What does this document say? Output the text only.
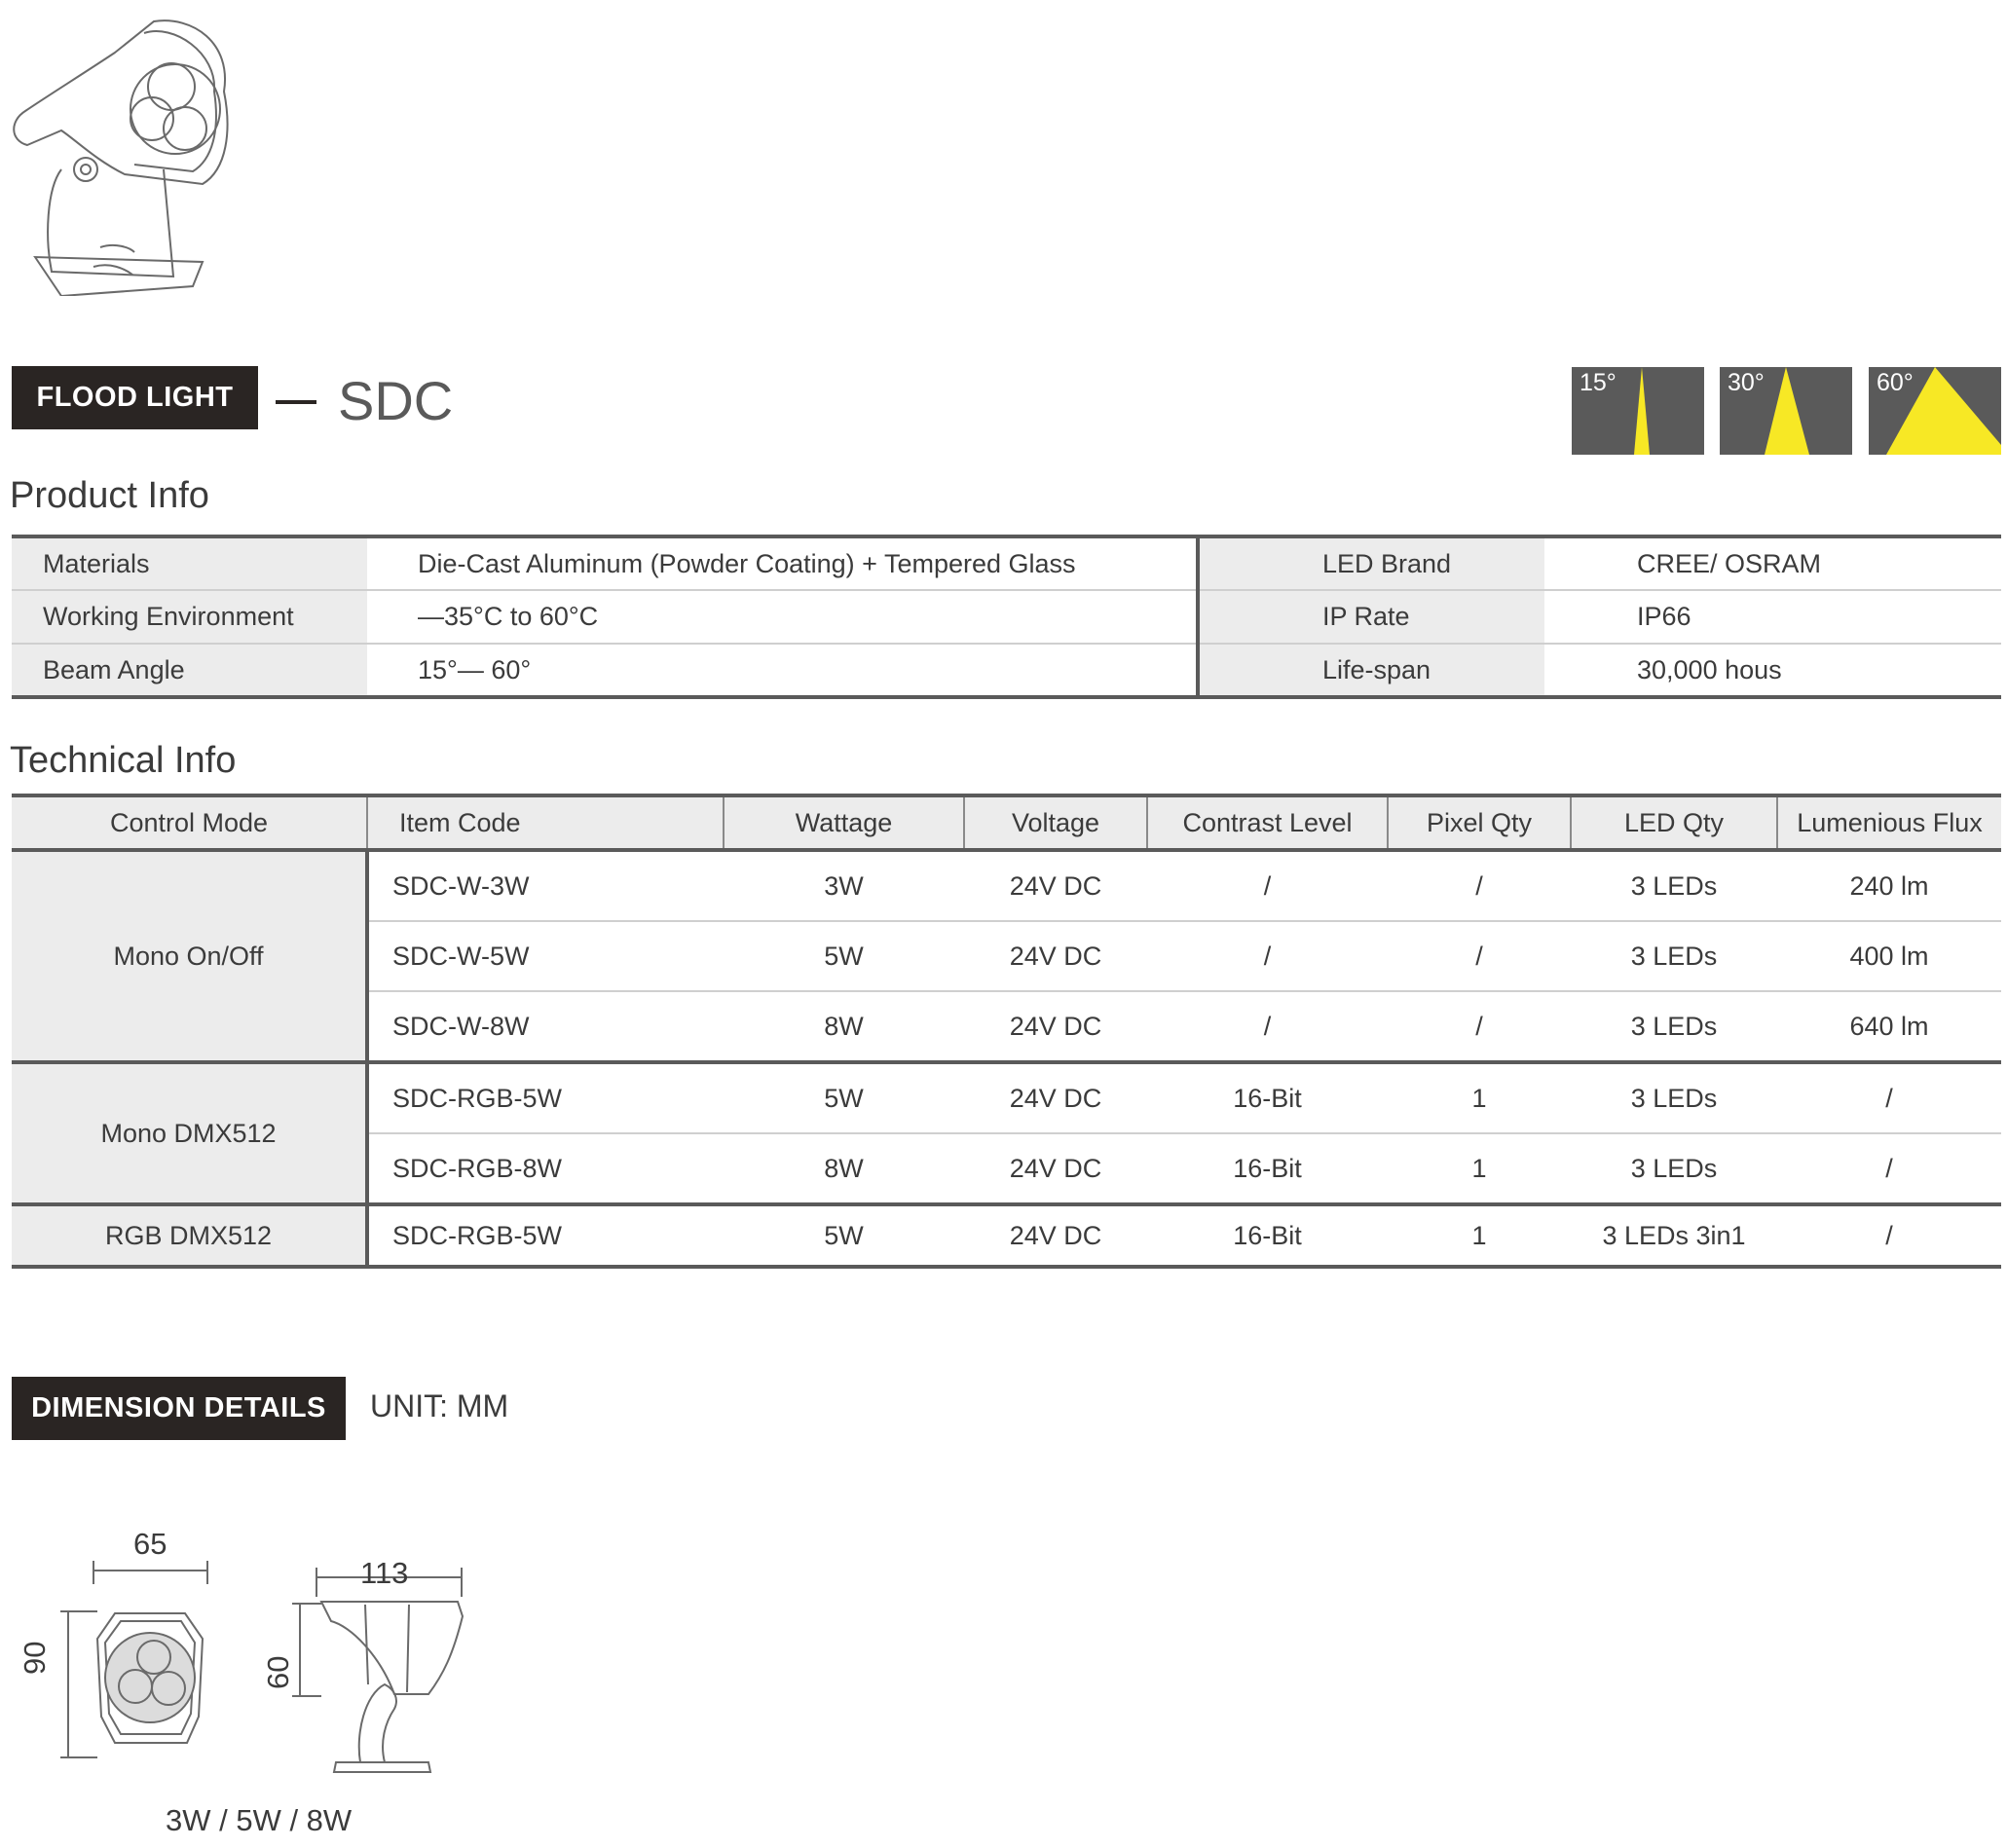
FLOOD LIGHT	SDC	15°	30°	60°
Product Info
Materials	Die-Cast Aluminum (Powder Coating) + Tempered Glass	LED Brand	CREE/ OSRAM
Working Environment	—35°C to 60°C	IP Rate	IP66
Beam Angle	15°— 60°	Life-span	30,000 hous
Technical Info
Control Mode	Item Code	Wattage	Voltage	Contrast Level	Pixel Qty	LED Qty	Lumenious Flux
Mono On/Off	SDC-W-3W	3W	24V DC	/	/	3 LEDs	240 lm
	SDC-W-5W	5W	24V DC	/	/	3 LEDs	400 lm
	SDC-W-8W	8W	24V DC	/	/	3 LEDs	640 lm
Mono DMX512	SDC-RGB-5W	5W	24V DC	16-Bit	1	3 LEDs	/
	SDC-RGB-8W	8W	24V DC	16-Bit	1	3 LEDs	/
RGB DMX512	SDC-RGB-5W	5W	24V DC	16-Bit	1	3 LEDs 3in1	/
DIMENSION DETAILS	UNIT: MM
65
90
113
60
3W / 5W / 8W
